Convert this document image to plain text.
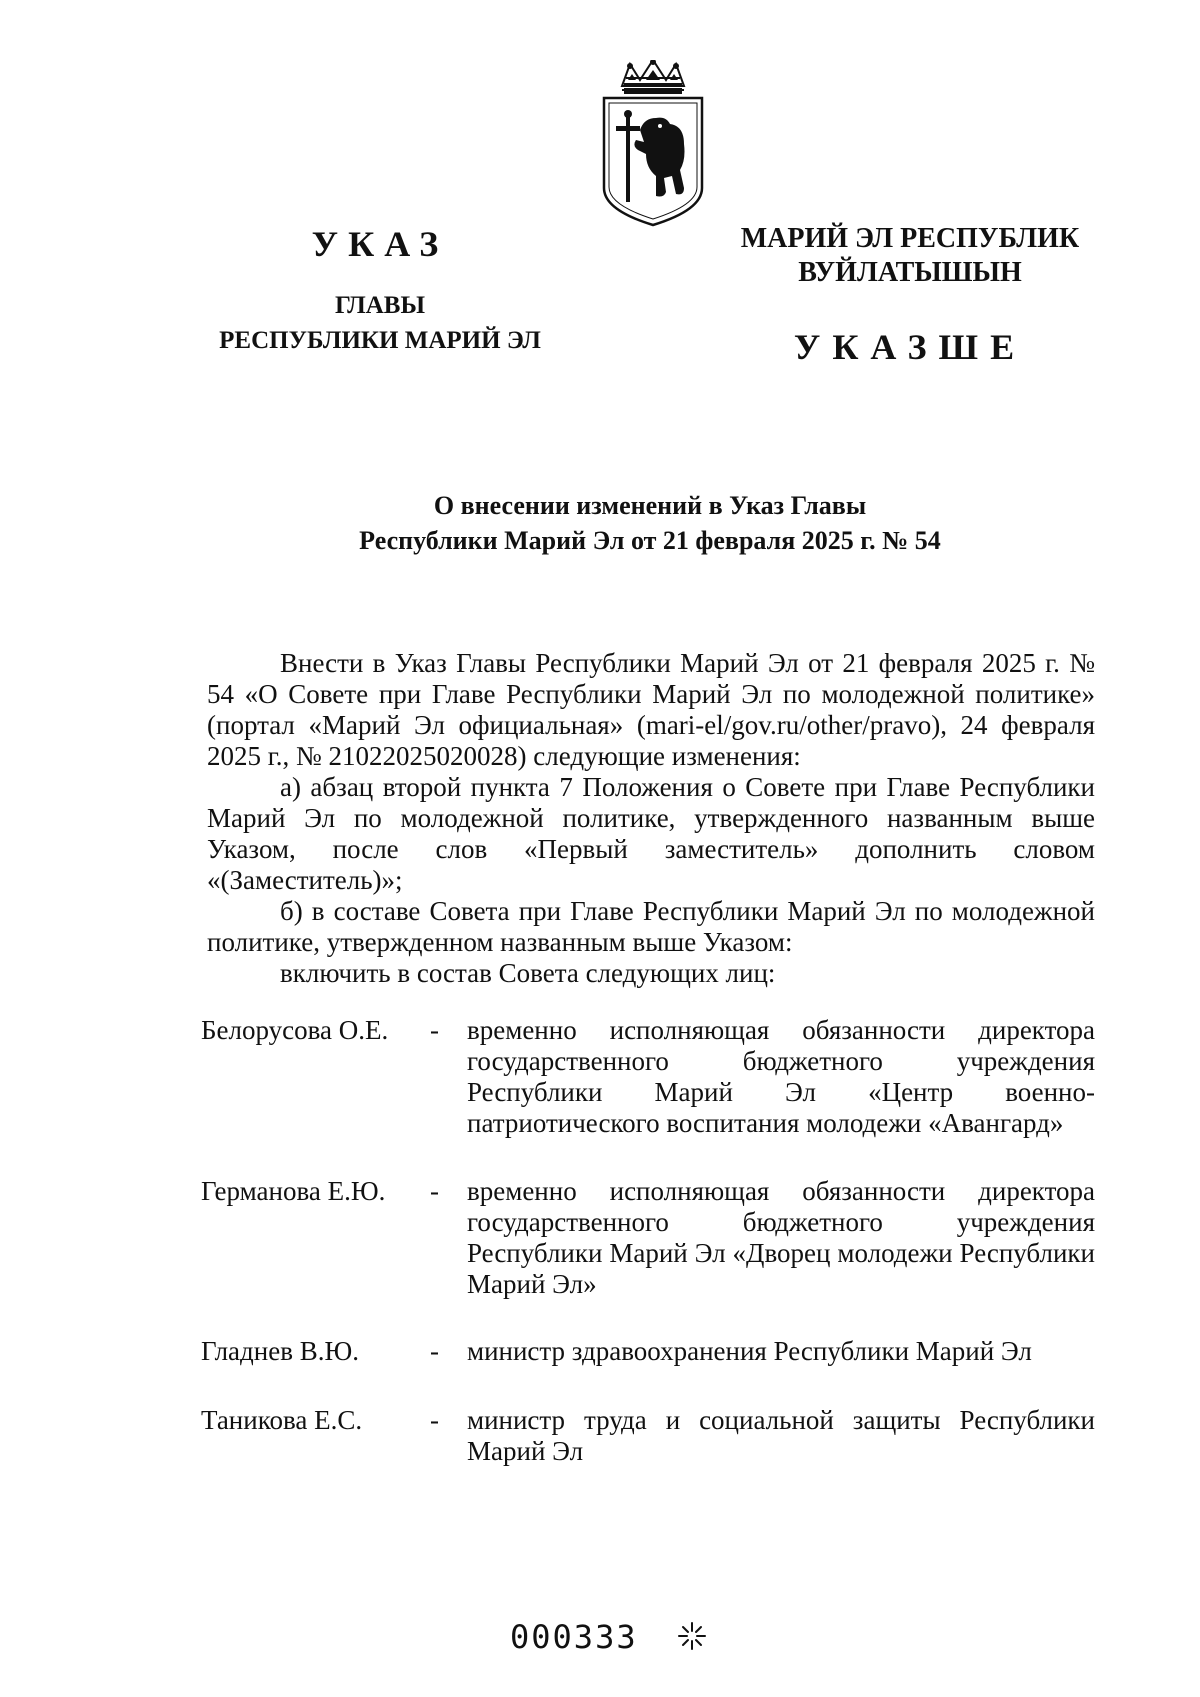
УКАЗ
ГЛАВЫ
РЕСПУБЛИКИ МАРИЙ ЭЛ
МАРИЙ ЭЛ РЕСПУБЛИК
ВУЙЛАТЫШЫН
УКАЗШЕ
О внесении изменений в Указ Главы
Республики Марий Эл от 21 февраля 2025 г. № 54

Внести в Указ Главы Республики Марий Эл от 21 февраля 2025 г. № 54 «О Совете при Главе Республики Марий Эл по молодежной политике» (портал «Марий Эл официальная» (mari-el/gov.ru/other/pravo), 24 февраля 2025 г., № 21022025020028) следующие изменения:

а) абзац второй пункта 7 Положения о Совете при Главе Республики Марий Эл по молодежной политике, утвержденного названным выше Указом, после слов «Первый заместитель» дополнить словом «(Заместитель)»;

б) в составе Совета при Главе Республики Марий Эл по молодежной политике, утвержденном названным выше Указом:

включить в состав Совета следующих лиц:

Белорусова О.Е.	-	временно исполняющая обязанности директора государственного бюджетного учреждения Республики Марий Эл «Центр военно-патриотического воспитания молодежи «Авангард»
Германова Е.Ю.	-	временно исполняющая обязанности директора государственного бюджетного учреждения Республики Марий Эл «Дворец молодежи Республики Марий Эл»
Гладнев В.Ю.	-	министр здравоохранения Республики Марий Эл
Таникова Е.С.	-	министр труда и социальной защиты Республики Марий Эл
000333
